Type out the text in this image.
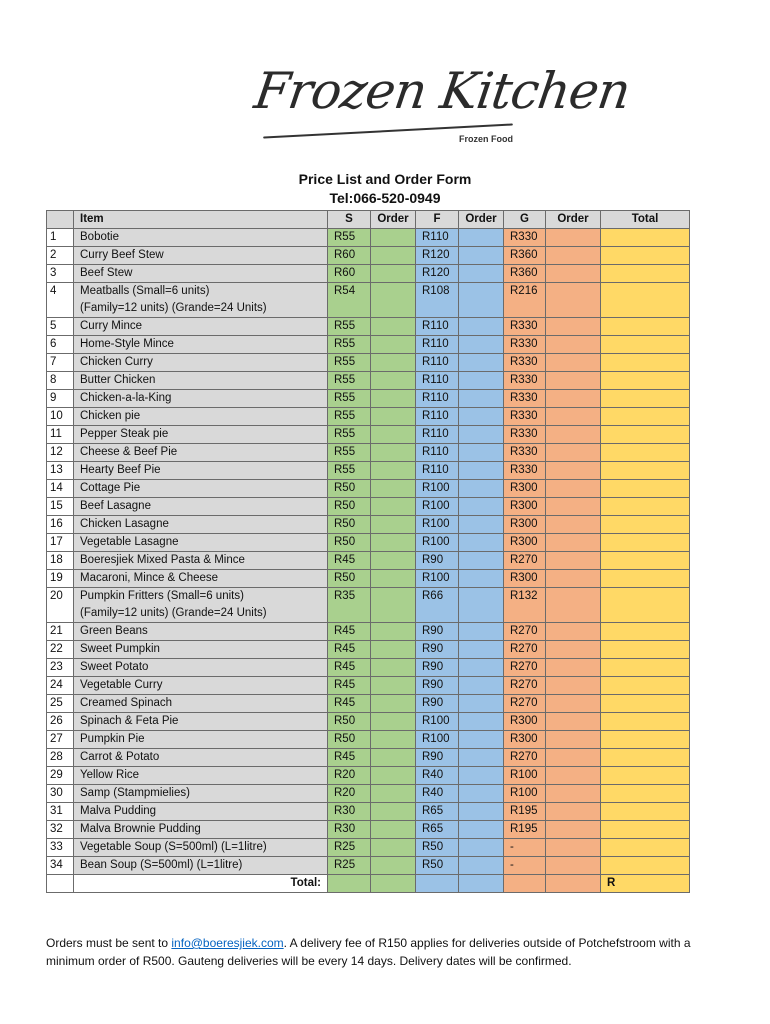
Frozen Kitchen
Frozen Food
Price List and Order Form
Tel:066-520-0949
	Item	S	Order	F	Order	G	Order	Total
1	Bobotie	R55		R110		R330		
2	Curry Beef Stew	R60		R120		R360		
3	Beef Stew	R60		R120		R360		
4	Meatballs (Small=6 units)
(Family=12 units) (Grande=24 Units)	R54		R108		R216		
5	Curry Mince	R55		R110		R330		
6	Home-Style Mince	R55		R110		R330		
7	Chicken Curry	R55		R110		R330		
8	Butter Chicken	R55		R110		R330		
9	Chicken-a-la-King	R55		R110		R330		
10	Chicken pie	R55		R110		R330		
11	Pepper Steak pie	R55		R110		R330		
12	Cheese & Beef Pie	R55		R110		R330		
13	Hearty Beef Pie	R55		R110		R330		
14	Cottage Pie	R50		R100		R300		
15	Beef Lasagne	R50		R100		R300		
16	Chicken Lasagne	R50		R100		R300		
17	Vegetable Lasagne	R50		R100		R300		
18	Boeresjiek Mixed Pasta & Mince	R45		R90		R270		
19	Macaroni, Mince & Cheese	R50		R100		R300		
20	Pumpkin Fritters (Small=6 units)
(Family=12 units) (Grande=24 Units)	R35		R66		R132		
21	Green Beans	R45		R90		R270		
22	Sweet Pumpkin	R45		R90		R270		
23	Sweet Potato	R45		R90		R270		
24	Vegetable Curry	R45		R90		R270		
25	Creamed Spinach	R45		R90		R270		
26	Spinach & Feta Pie	R50		R100		R300		
27	Pumpkin Pie	R50		R100		R300		
28	Carrot & Potato	R45		R90		R270		
29	Yellow Rice	R20		R40		R100		
30	Samp (Stampmielies)	R20		R40		R100		
31	Malva Pudding	R30		R65		R195		
32	Malva Brownie Pudding	R30		R65		R195		
33	Vegetable Soup (S=500ml) (L=1litre)	R25		R50		-		
34	Bean Soup (S=500ml) (L=1litre)	R25		R50		-		
	Total:							R
Orders must be sent to info@boeresjiek.com. A delivery fee of R150 applies for deliveries outside of Potchefstroom with a minimum order of R500. Gauteng deliveries will be every 14 days. Delivery dates will be confirmed.
